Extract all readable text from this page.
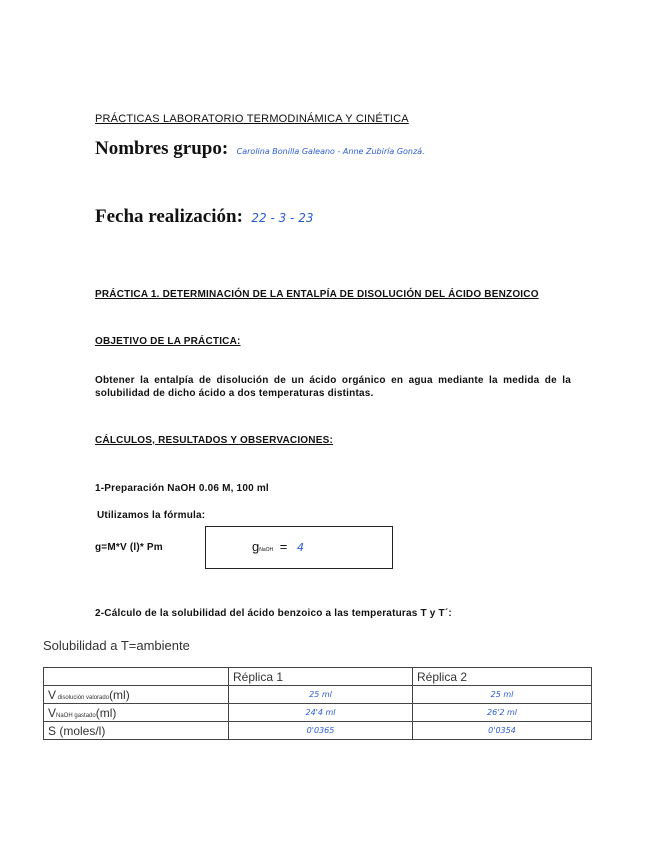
PRÁCTICAS LABORATORIO TERMODINÁMICA Y CINÉTICA
Nombres grupo: Carolina Bonilla Galeano - Anne Zubiría Gonzá.
Fecha realización: 22 - 3 - 23
PRÁCTICA 1. DETERMINACIÓN DE LA ENTALPÍA DE DISOLUCIÓN DEL ÁCIDO BENZOICO
OBJETIVO DE LA PRÁCTICA:
Obtener la entalpía de disolución de un ácido orgánico en agua mediante la medida de la solubilidad de dicho ácido a dos temperaturas distintas.
CÁLCULOS, RESULTADOS Y OBSERVACIONES:
1-Preparación NaOH 0.06 M, 100 ml
Utilizamos la fórmula:
g=M*V (l)* Pm	gNaOH = 4
2-Cálculo de la solubilidad del ácido benzoico a las temperaturas T y T´:
Solubilidad a T=ambiente
	Réplica 1	Réplica 2
V disolución valorado(ml)	25 ml	25 ml

VNaOH gastado(ml)	24'4 ml	26'2 ml

S (moles/l)	0'0365	0'0354
